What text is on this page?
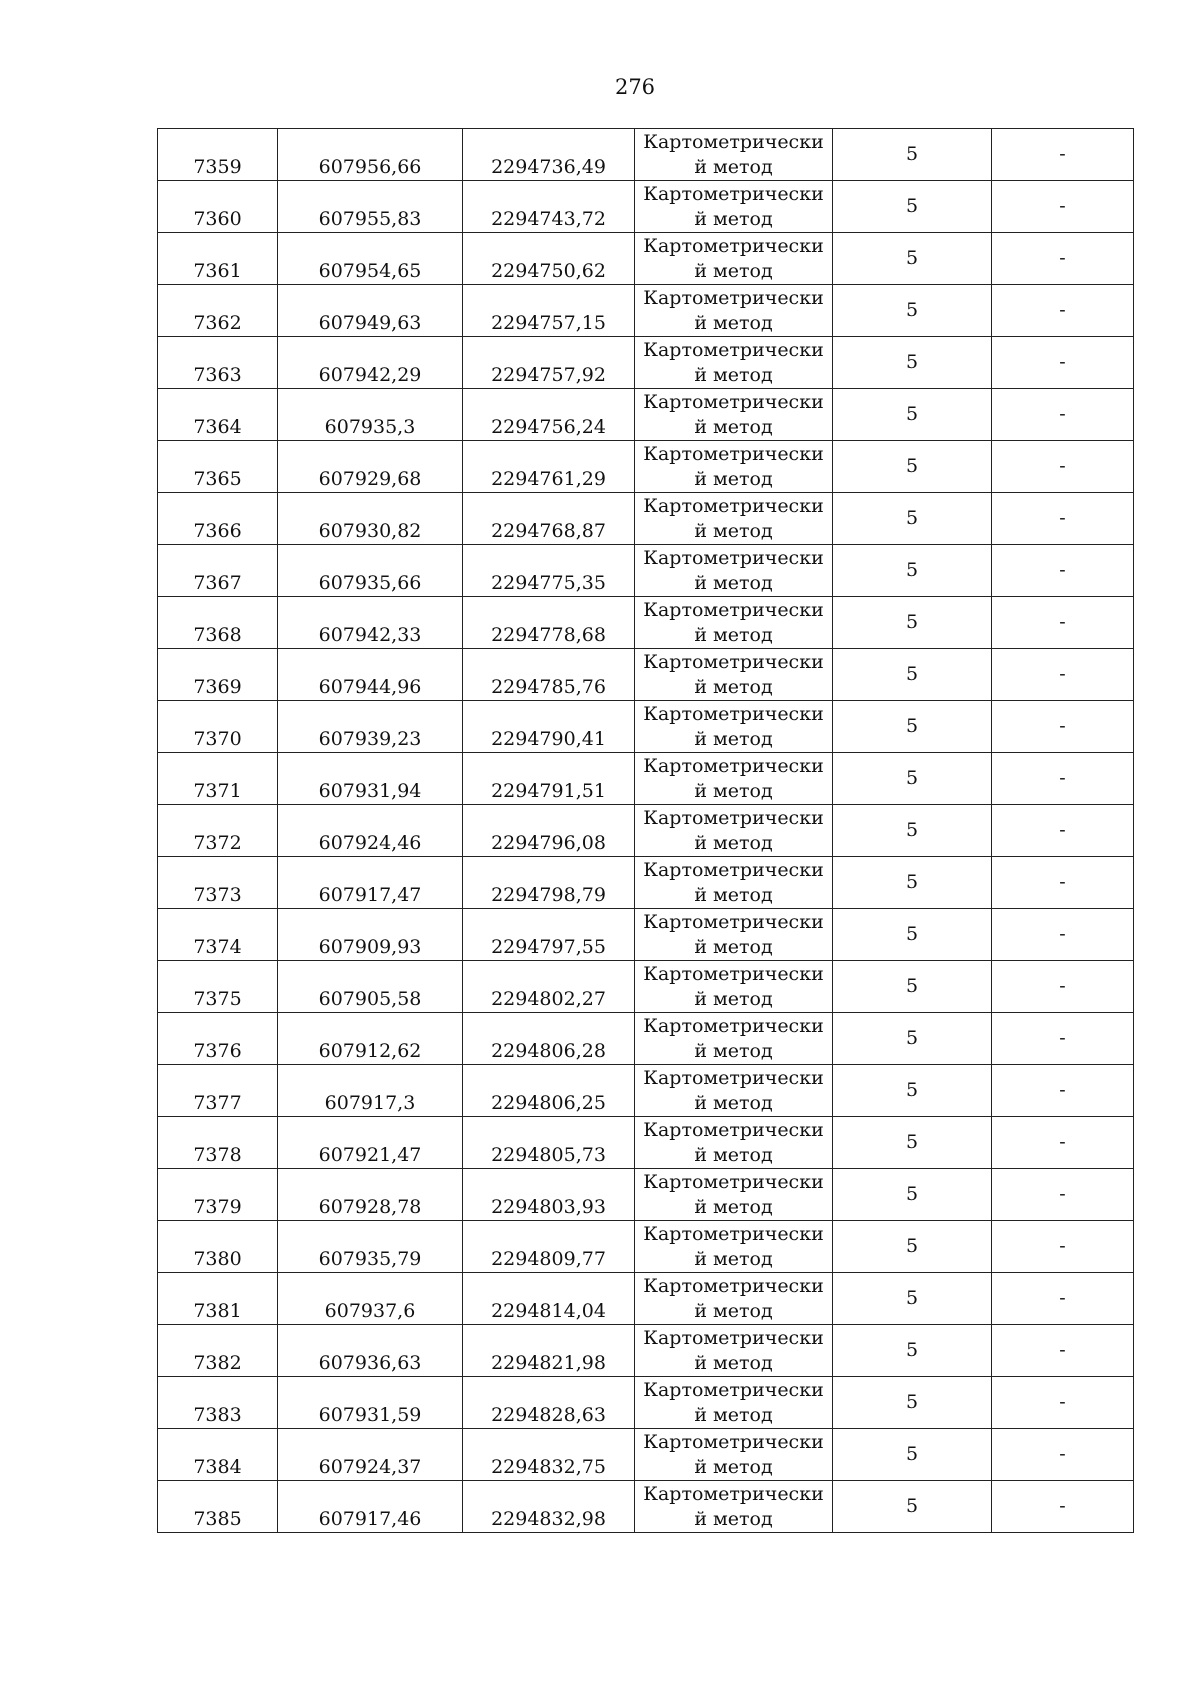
276
7359	607956,66	2294736,49	Картометрически
й метод	5	-
7360	607955,83	2294743,72	Картометрически
й метод	5	-
7361	607954,65	2294750,62	Картометрически
й метод	5	-
7362	607949,63	2294757,15	Картометрически
й метод	5	-
7363	607942,29	2294757,92	Картометрически
й метод	5	-
7364	607935,3	2294756,24	Картометрически
й метод	5	-
7365	607929,68	2294761,29	Картометрически
й метод	5	-
7366	607930,82	2294768,87	Картометрически
й метод	5	-
7367	607935,66	2294775,35	Картометрически
й метод	5	-
7368	607942,33	2294778,68	Картометрически
й метод	5	-
7369	607944,96	2294785,76	Картометрически
й метод	5	-
7370	607939,23	2294790,41	Картометрически
й метод	5	-
7371	607931,94	2294791,51	Картометрически
й метод	5	-
7372	607924,46	2294796,08	Картометрически
й метод	5	-
7373	607917,47	2294798,79	Картометрически
й метод	5	-
7374	607909,93	2294797,55	Картометрически
й метод	5	-
7375	607905,58	2294802,27	Картометрически
й метод	5	-
7376	607912,62	2294806,28	Картометрически
й метод	5	-
7377	607917,3	2294806,25	Картометрически
й метод	5	-
7378	607921,47	2294805,73	Картометрически
й метод	5	-
7379	607928,78	2294803,93	Картометрически
й метод	5	-
7380	607935,79	2294809,77	Картометрически
й метод	5	-
7381	607937,6	2294814,04	Картометрически
й метод	5	-
7382	607936,63	2294821,98	Картометрически
й метод	5	-
7383	607931,59	2294828,63	Картометрически
й метод	5	-
7384	607924,37	2294832,75	Картометрически
й метод	5	-
7385	607917,46	2294832,98	Картометрически
й метод	5	-
